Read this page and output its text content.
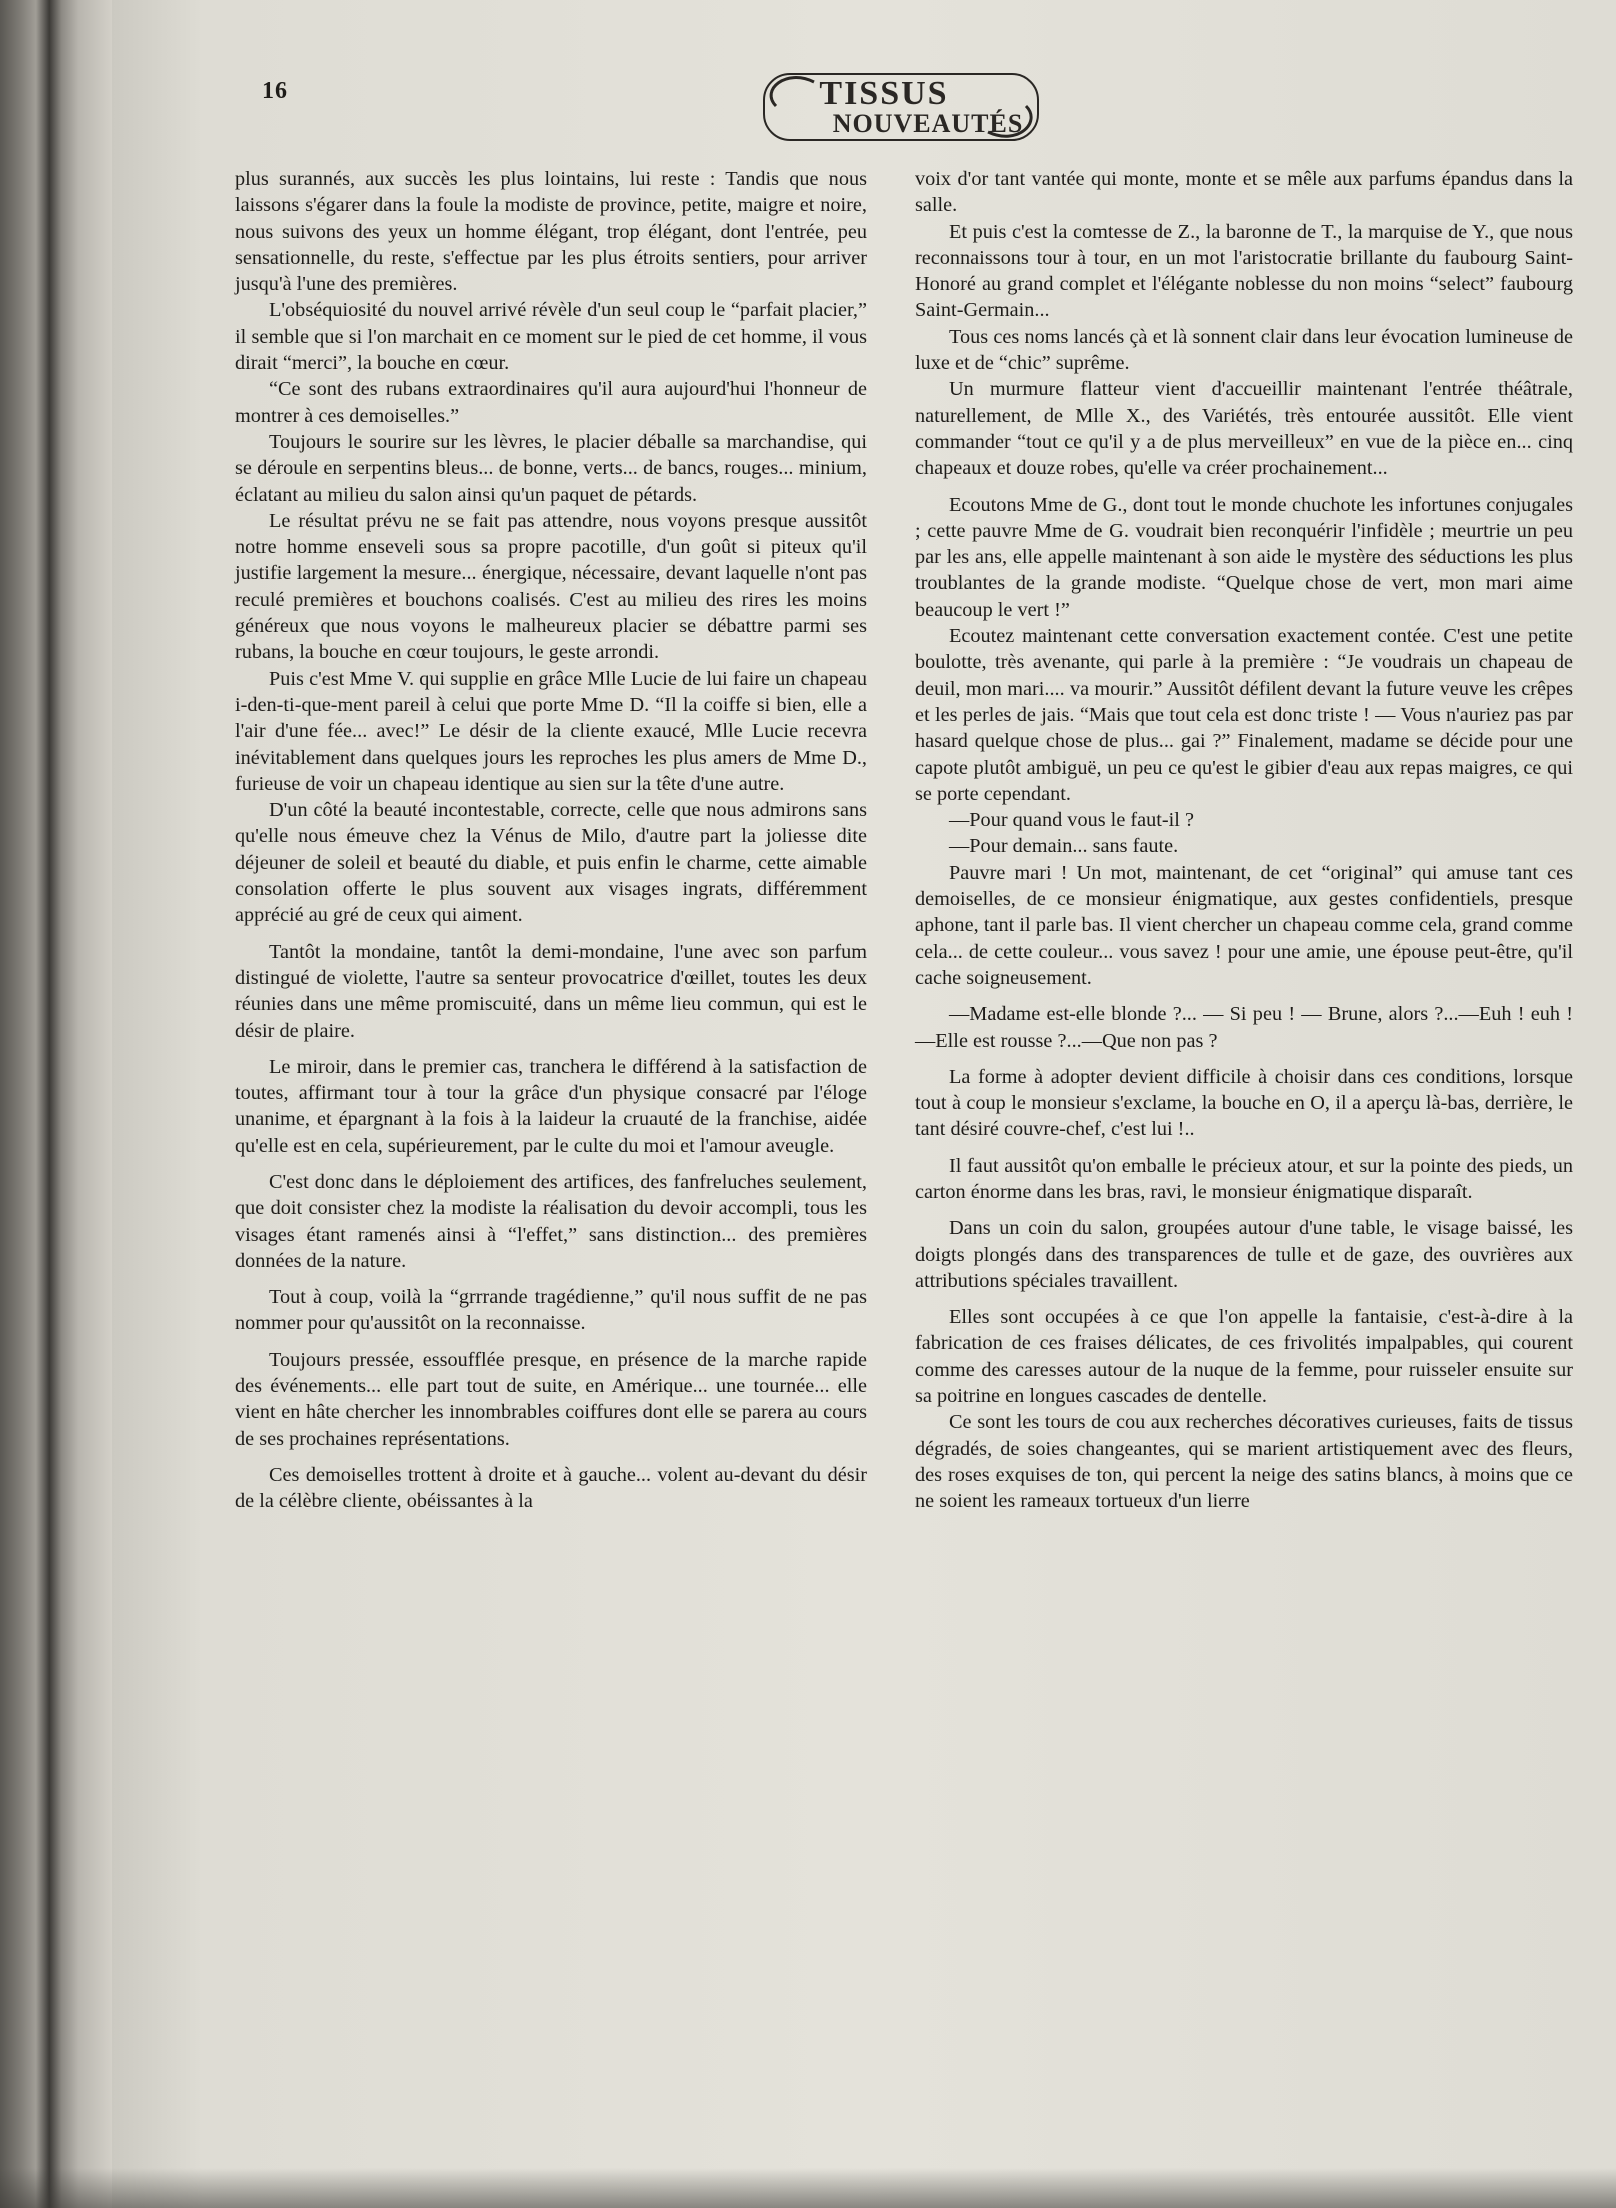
16	TISSUS
NOUVEAUTÉS

plus surannés, aux succès les plus lointains, lui reste : Tandis que nous laissons s'égarer dans la foule la modiste de province, petite, maigre et noire, nous suivons des yeux un homme élégant, trop élégant, dont l'entrée, peu sensationnelle, du reste, s'effectue par les plus étroits sentiers, pour arriver jusqu'à l'une des premières.

L'obséquiosité du nouvel arrivé révèle d'un seul coup le “parfait placier,” il semble que si l'on marchait en ce moment sur le pied de cet homme, il vous dirait “merci”, la bouche en cœur.

“Ce sont des rubans extraordinaires qu'il aura aujourd'hui l'honneur de montrer à ces demoiselles.”

Toujours le sourire sur les lèvres, le placier déballe sa marchandise, qui se déroule en serpentins bleus... de bonne, verts... de bancs, rouges... minium, éclatant au milieu du salon ainsi qu'un paquet de pétards.

Le résultat prévu ne se fait pas attendre, nous voyons presque aussitôt notre homme enseveli sous sa propre pacotille, d'un goût si piteux qu'il justifie largement la mesure... énergique, nécessaire, devant laquelle n'ont pas reculé premières et bouchons coalisés. C'est au milieu des rires les moins généreux que nous voyons le malheureux placier se débattre parmi ses rubans, la bouche en cœur toujours, le geste arrondi.

Puis c'est Mme V. qui supplie en grâce Mlle Lucie de lui faire un chapeau i-den-ti-que-ment pareil à celui que porte Mme D. “Il la coiffe si bien, elle a l'air d'une fée... avec!” Le désir de la cliente exaucé, Mlle Lucie recevra inévitablement dans quelques jours les reproches les plus amers de Mme D., furieuse de voir un chapeau identique au sien sur la tête d'une autre.

D'un côté la beauté incontestable, correcte, celle que nous admirons sans qu'elle nous émeuve chez la Vénus de Milo, d'autre part la joliesse dite déjeuner de soleil et beauté du diable, et puis enfin le charme, cette aimable consolation offerte le plus souvent aux visages ingrats, différemment apprécié au gré de ceux qui aiment.

Tantôt la mondaine, tantôt la demi-mondaine, l'une avec son parfum distingué de violette, l'autre sa senteur provocatrice d'œillet, toutes les deux réunies dans une même promiscuité, dans un même lieu commun, qui est le désir de plaire.

Le miroir, dans le premier cas, tranchera le différend à la satisfaction de toutes, affirmant tour à tour la grâce d'un physique consacré par l'éloge unanime, et épargnant à la fois à la laideur la cruauté de la franchise, aidée qu'elle est en cela, supérieurement, par le culte du moi et l'amour aveugle.

C'est donc dans le déploiement des artifices, des fanfreluches seulement, que doit consister chez la modiste la réalisation du devoir accompli, tous les visages étant ramenés ainsi à “l'effet,” sans distinction... des premières données de la nature.

Tout à coup, voilà la “grrrande tragédienne,” qu'il nous suffit de ne pas nommer pour qu'aussitôt on la reconnaisse.

Toujours pressée, essoufflée presque, en présence de la marche rapide des événements... elle part tout de suite, en Amérique... une tournée... elle vient en hâte chercher les innombrables coiffures dont elle se parera au cours de ses prochaines représentations.

Ces demoiselles trottent à droite et à gauche... volent au-devant du désir de la célèbre cliente, obéissantes à la

voix d'or tant vantée qui monte, monte et se mêle aux parfums épandus dans la salle.

Et puis c'est la comtesse de Z., la baronne de T., la marquise de Y., que nous reconnaissons tour à tour, en un mot l'aristocratie brillante du faubourg Saint-Honoré au grand complet et l'élégante noblesse du non moins “select” faubourg Saint-Germain...

Tous ces noms lancés çà et là sonnent clair dans leur évocation lumineuse de luxe et de “chic” suprême.

Un murmure flatteur vient d'accueillir maintenant l'entrée théâtrale, naturellement, de Mlle X., des Variétés, très entourée aussitôt. Elle vient commander “tout ce qu'il y a de plus merveilleux” en vue de la pièce en... cinq chapeaux et douze robes, qu'elle va créer prochainement...

Ecoutons Mme de G., dont tout le monde chuchote les infortunes conjugales ; cette pauvre Mme de G. voudrait bien reconquérir l'infidèle ; meurtrie un peu par les ans, elle appelle maintenant à son aide le mystère des séductions les plus troublantes de la grande modiste. “Quelque chose de vert, mon mari aime beaucoup le vert !”

Ecoutez maintenant cette conversation exactement contée. C'est une petite boulotte, très avenante, qui parle à la première : “Je voudrais un chapeau de deuil, mon mari.... va mourir.” Aussitôt défilent devant la future veuve les crêpes et les perles de jais. “Mais que tout cela est donc triste ! — Vous n'auriez pas par hasard quelque chose de plus... gai ?” Finalement, madame se décide pour une capote plutôt ambiguë, un peu ce qu'est le gibier d'eau aux repas maigres, ce qui se porte cependant.

—Pour quand vous le faut-il ?

—Pour demain... sans faute.

Pauvre mari ! Un mot, maintenant, de cet “original” qui amuse tant ces demoiselles, de ce monsieur énigmatique, aux gestes confidentiels, presque aphone, tant il parle bas. Il vient chercher un chapeau comme cela, grand comme cela... de cette couleur... vous savez ! pour une amie, une épouse peut-être, qu'il cache soigneusement.

—Madame est-elle blonde ?... — Si peu ! — Brune, alors ?...—Euh ! euh !—Elle est rousse ?...—Que non pas ?

La forme à adopter devient difficile à choisir dans ces conditions, lorsque tout à coup le monsieur s'exclame, la bouche en O, il a aperçu là-bas, derrière, le tant désiré couvre-chef, c'est lui !..

Il faut aussitôt qu'on emballe le précieux atour, et sur la pointe des pieds, un carton énorme dans les bras, ravi, le monsieur énigmatique disparaît.

Dans un coin du salon, groupées autour d'une table, le visage baissé, les doigts plongés dans des transparences de tulle et de gaze, des ouvrières aux attributions spéciales travaillent.

Elles sont occupées à ce que l'on appelle la fantaisie, c'est-à-dire à la fabrication de ces fraises délicates, de ces frivolités impalpables, qui courent comme des caresses autour de la nuque de la femme, pour ruisseler ensuite sur sa poitrine en longues cascades de dentelle.

Ce sont les tours de cou aux recherches décoratives curieuses, faits de tissus dégradés, de soies changeantes, qui se marient artistiquement avec des fleurs, des roses exquises de ton, qui percent la neige des satins blancs, à moins que ce ne soient les rameaux tortueux d'un lierre
